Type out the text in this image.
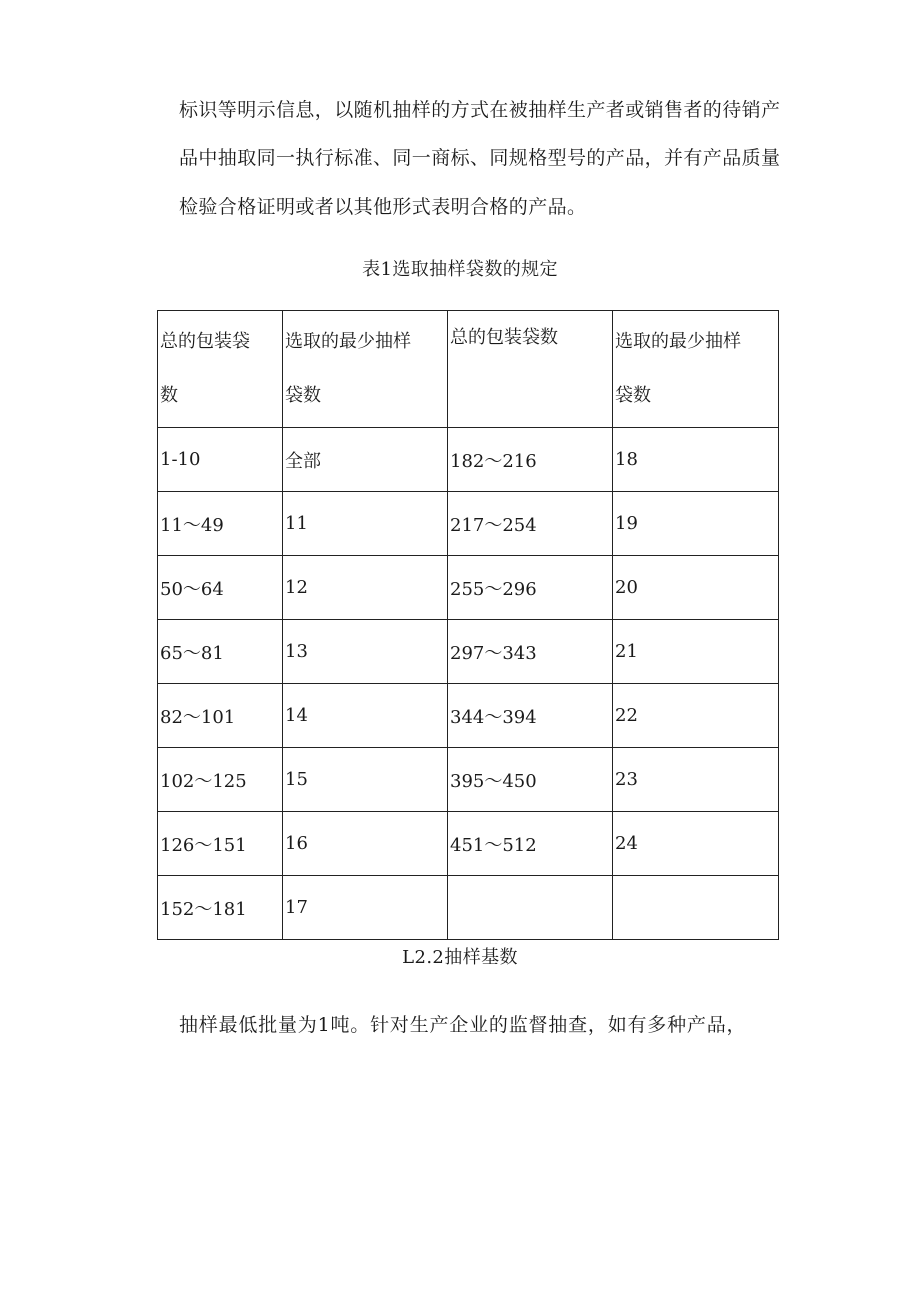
标识等明示信息，以随机抽样的方式在被抽样生产者或销售者的待销产

品中抽取同一执行标准、同一商标、同规格型号的产品，并有产品质量

检验合格证明或者以其他形式表明合格的产品。

表1选取抽样袋数的规定

总的包装袋数	选取的最少抽样袋数	总的包装袋数	选取的最少抽样袋数

1-10	全部	182～216	18
11～49	11	217～254	19
50～64	12	255～296	20
65～81	13	297～343	21
82～101	14	344～394	22
102～125	15	395～450	23
126～151	16	451～512	24
152～181	17		

L2.2抽样基数

抽样最低批量为1吨。针对生产企业的监督抽查，如有多种产品，
